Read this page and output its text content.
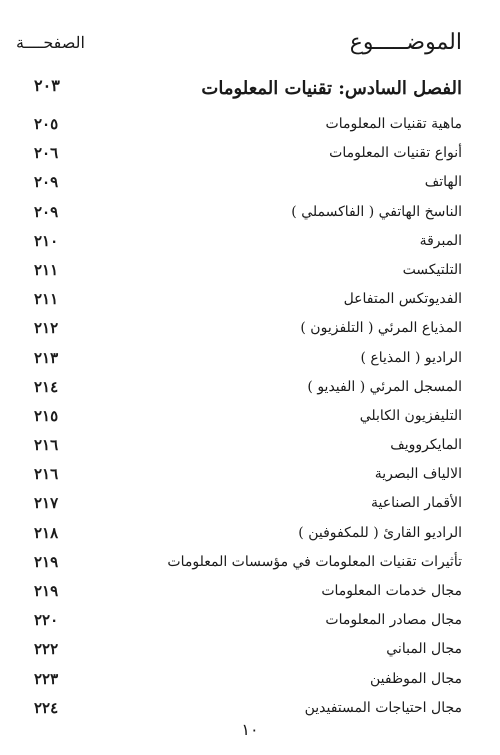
الموضـــــوع
الصفحــــة
الفصل السادس: تقنيات المعلومات
٢٠٣
ماهية تقنيات المعلومات
٢٠٥
أنواع تقنيات المعلومات
٢٠٦
الهاتف
٢٠٩
الناسخ الهاتفي ( الفاكسملي )
٢٠٩
المبرقة
٢١٠
التلتيكست
٢١١
الفديوتكس المتفاعل
٢١١
المذياع المرئي ( التلفزيون )
٢١٢
الراديو ( المذياع )
٢١٣
المسجل المرئي ( الفيديو )
٢١٤
التليفزيون الكابلي
٢١٥
المايكروويف
٢١٦
الالياف البصرية
٢١٦
الأقمار الصناعية
٢١٧
الراديو القارئ ( للمكفوفين )
٢١٨
تأثيرات تقنيات المعلومات في مؤسسات المعلومات
٢١٩
مجال خدمات المعلومات
٢١٩
مجال مصادر المعلومات
٢٢٠
مجال المباني
٢٢٢
مجال الموظفين
٢٢٣
مجال احتياجات المستفيدين
٢٢٤
١٠
